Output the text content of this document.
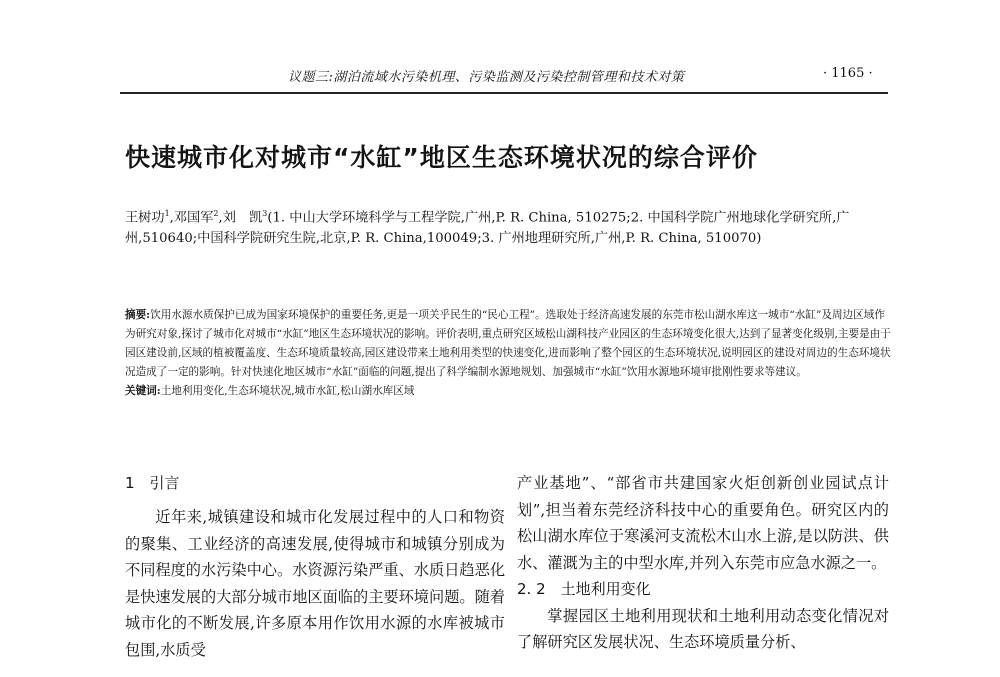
议题三:湖泊流域水污染机理、污染监测及污染控制管理和技术对策	· 1165 ·
快速城市化对城市“水缸”地区生态环境状况的综合评价
王树功$^1$,邓国军$^2$,刘　凯$^3$(1. 中山大学环境科学与工程学院,广州,P. R. China, 510275;2. 中国科学院广州地球化学研究所,广州,510640;中国科学院研究生院,北京,P. R. China,100049;3. 广州地理研究所,广州,P. R. China, 510070)
摘要:饮用水源水质保护已成为国家环境保护的重要任务,更是一项关乎民生的“民心工程”。选取处于经济高速发展的东莞市松山湖水库这一城市“水缸”及周边区域作为研究对象,探讨了城市化对城市“水缸”地区生态环境状况的影响。评价表明,重点研究区域松山湖科技产业园区的生态环境变化很大,达到了显著变化级别,主要是由于园区建设前,区域的植被覆盖度、生态环境质量较高,园区建设带来土地利用类型的快速变化,进而影响了整个园区的生态环境状况,说明园区的建设对周边的生态环境状况造成了一定的影响。针对快速化地区城市“水缸”面临的问题,提出了科学编制水源地规划、加强城市“水缸”饮用水源地环境审批刚性要求等建议。
关键词:土地利用变化,生态环境状况,城市水缸,松山湖水库区域
1　引言
近年来,城镇建设和城市化发展过程中的人口和物资的聚集、工业经济的高速发展,使得城市和城镇分别成为不同程度的水污染中心。水资源污染严重、水质日趋恶化是快速发展的大部分城市地区面临的主要环境问题。随着城市化的不断发展,许多原本用作饮用水源的水库被城市包围,水质受
产业基地”、“部省市共建国家火炬创新创业园试点计划”,担当着东莞经济科技中心的重要角色。研究区内的松山湖水库位于寒溪河支流松木山水上游,是以防洪、供水、灌溉为主的中型水库,并列入东莞市应急水源之一。
2. 2　土地利用变化
掌握园区土地利用现状和土地利用动态变化情况对了解研究区发展状况、生态环境质量分析、
